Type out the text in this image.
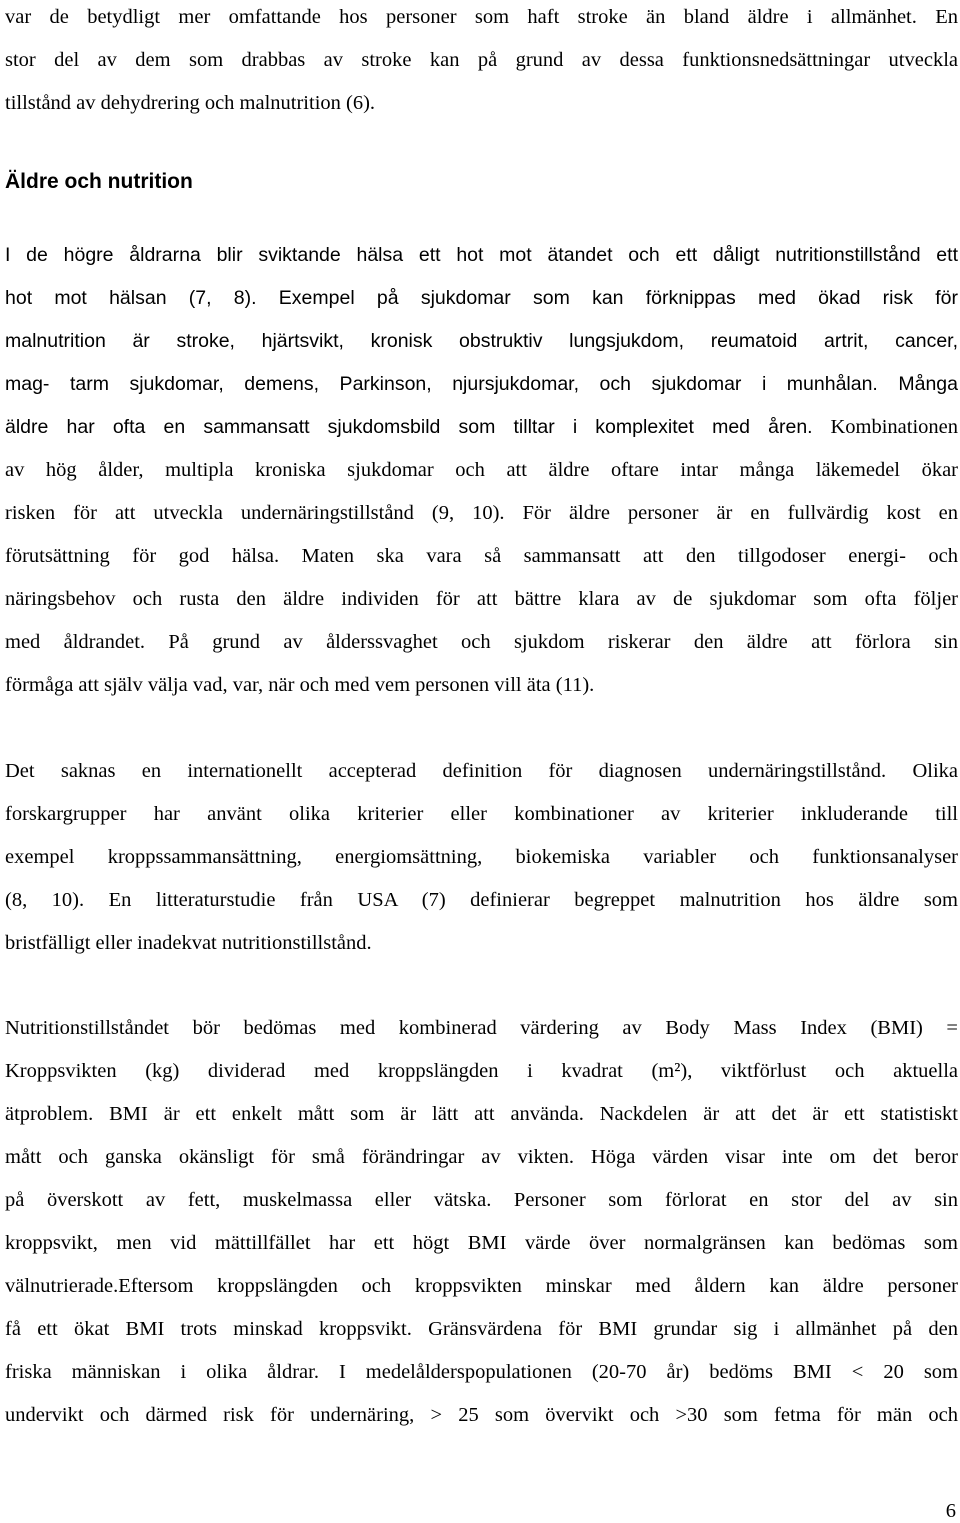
var de betydligt mer omfattande hos personer som haft stroke än bland äldre i allmänhet. En
stor del av dem som drabbas av stroke kan på grund av dessa funktionsnedsättningar utveckla
tillstånd av dehydrering och malnutrition (6).
Äldre och nutrition
I de högre åldrarna blir sviktande hälsa ett hot mot ätandet och ett dåligt nutritionstillstånd ett
hot mot hälsan (7, 8). Exempel på sjukdomar som kan förknippas med ökad risk för
malnutrition är stroke, hjärtsvikt, kronisk obstruktiv lungsjukdom, reumatoid artrit, cancer,
mag- tarm sjukdomar, demens, Parkinson, njursjukdomar, och sjukdomar i munhålan. Många
äldre har ofta en sammansatt sjukdomsbild som tilltar i komplexitet med åren. Kombinationen
av hög ålder, multipla kroniska sjukdomar och att äldre oftare intar många läkemedel ökar
risken för att utveckla undernäringstillstånd (9, 10). För äldre personer är en fullvärdig kost en
förutsättning för god hälsa. Maten ska vara så sammansatt att den tillgodoser energi- och
näringsbehov och rusta den äldre individen för att bättre klara av de sjukdomar som ofta följer
med åldrandet. På grund av ålderssvaghet och sjukdom riskerar den äldre att förlora sin
förmåga att själv välja vad, var, när och med vem personen vill äta (11).
Det saknas en internationellt accepterad definition för diagnosen undernäringstillstånd. Olika
forskargrupper har använt olika kriterier eller kombinationer av kriterier inkluderande till
exempel kroppssammansättning, energiomsättning, biokemiska variabler och funktionsanalyser
(8, 10). En litteraturstudie från USA (7) definierar begreppet malnutrition hos äldre som
bristfälligt eller inadekvat nutritionstillstånd.
Nutritionstillståndet bör bedömas med kombinerad värdering av Body Mass Index (BMI) =
Kroppsvikten (kg) dividerad med kroppslängden i kvadrat (m²), viktförlust och aktuella
ätproblem. BMI är ett enkelt mått som är lätt att använda. Nackdelen är att det är ett statistiskt
mått och ganska okänsligt för små förändringar av vikten. Höga värden visar inte om det beror
på överskott av fett, muskelmassa eller vätska. Personer som förlorat en stor del av sin
kroppsvikt, men vid mättillfället har ett högt BMI värde över normalgränsen kan bedömas som
välnutrierade.Eftersom kroppslängden och kroppsvikten minskar med åldern kan äldre personer
få ett ökat BMI trots minskad kroppsvikt. Gränsvärdena för BMI grundar sig i allmänhet på den
friska människan i olika åldrar. I medelålderspopulationen (20-70 år) bedöms BMI < 20 som
undervikt och därmed risk för undernäring, > 25 som övervikt och >30 som fetma för män och
6
